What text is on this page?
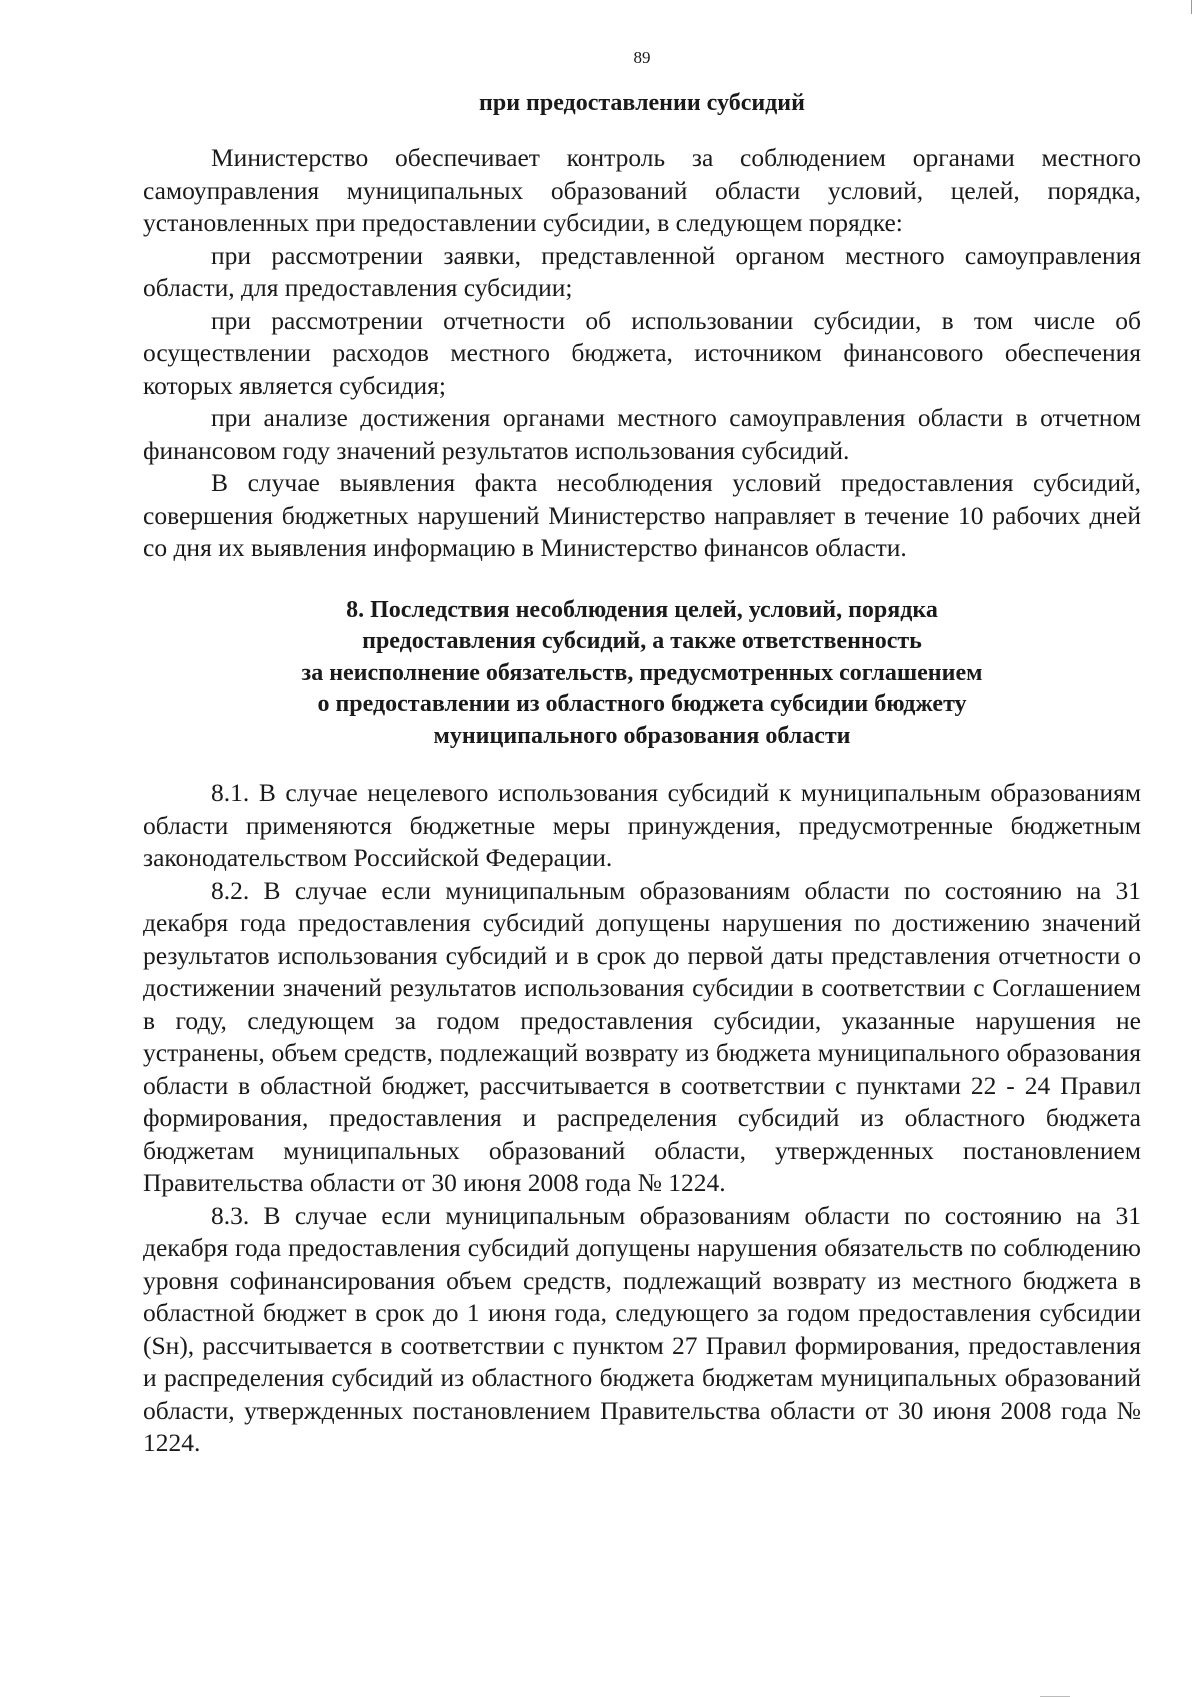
89
при предоставлении субсидий

Министерство обеспечивает контроль за соблюдением органами местного самоуправления муниципальных образований области условий, целей, порядка, установленных при предоставлении субсидии, в следующем порядке:

при рассмотрении заявки, представленной органом местного самоуправления области, для предоставления субсидии;

при рассмотрении отчетности об использовании субсидии, в том числе об осуществлении расходов местного бюджета, источником финансового обеспечения которых является субсидия;

при анализе достижения органами местного самоуправления области в отчетном финансовом году значений результатов использования субсидий.

В случае выявления факта несоблюдения условий предоставления субсидий, совершения бюджетных нарушений Министерство направляет в течение 10 рабочих дней со дня их выявления информацию в Министерство финансов области.

8. Последствия несоблюдения целей, условий, порядка
предоставления субсидий, а также ответственность
за неисполнение обязательств, предусмотренных соглашением
о предоставлении из областного бюджета субсидии бюджету
муниципального образования области

8.1. В случае нецелевого использования субсидий к муниципальным образованиям области применяются бюджетные меры принуждения, предусмотренные бюджетным законодательством Российской Федерации.

8.2. В случае если муниципальным образованиям области по состоянию на 31 декабря года предоставления субсидий допущены нарушения по достижению значений результатов использования субсидий и в срок до первой даты представления отчетности о достижении значений результатов использования субсидии в соответствии с Соглашением в году, следующем за годом предоставления субсидии, указанные нарушения не устранены, объем средств, подлежащий возврату из бюджета муниципального образования области в областной бюджет, рассчитывается в соответствии с пунктами 22 - 24 Правил формирования, предоставления и распределения субсидий из областного бюджета бюджетам муниципальных образований области, утвержденных постановлением Правительства области от 30 июня 2008 года № 1224.

8.3. В случае если муниципальным образованиям области по состоянию на 31 декабря года предоставления субсидий допущены нарушения обязательств по соблюдению уровня софинансирования объем средств, подлежащий возврату из местного бюджета в областной бюджет в срок до 1 июня года, следующего за годом предоставления субсидии (Sн), рассчитывается в соответствии с пунктом 27 Правил формирования, предоставления и распределения субсидий из областного бюджета бюджетам муниципальных образований области, утвержденных постановлением Правительства области от 30 июня 2008 года № 1224.
